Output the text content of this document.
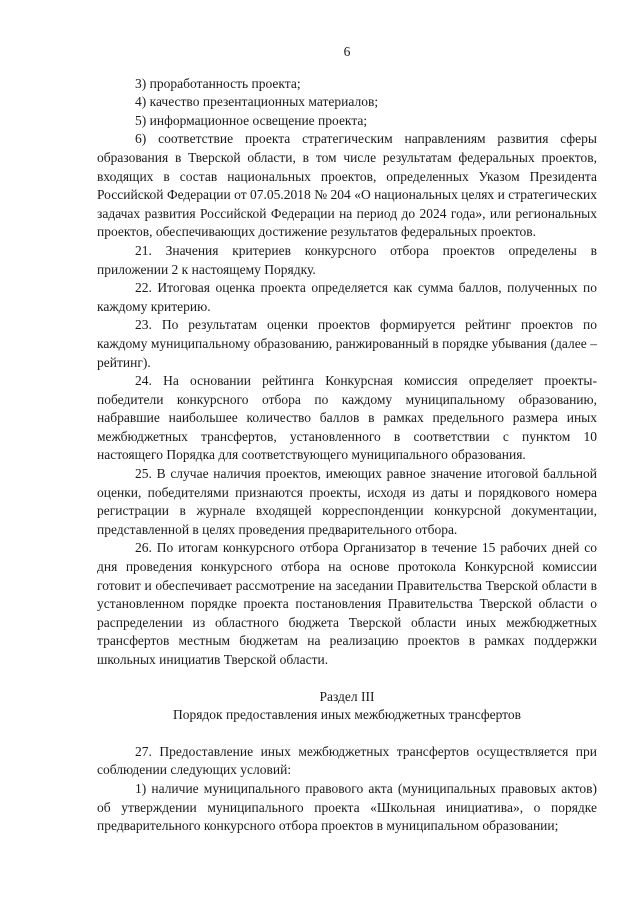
6

3) проработанность проекта;

4) качество презентационных материалов;

5) информационное освещение проекта;

6) соответствие проекта стратегическим направлениям развития сферы образования в Тверской области, в том числе результатам федеральных проектов, входящих в состав национальных проектов, определенных Указом Президента Российской Федерации от 07.05.2018 № 204 «О национальных целях и стратегических задачах развития Российской Федерации на период до 2024 года», или региональных проектов, обеспечивающих достижение результатов федеральных проектов.

21. Значения критериев конкурсного отбора проектов определены в приложении 2 к настоящему Порядку.

22. Итоговая оценка проекта определяется как сумма баллов, полученных по каждому критерию.

23. По результатам оценки проектов формируется рейтинг проектов по каждому муниципальному образованию, ранжированный в порядке убывания (далее – рейтинг).

24. На основании рейтинга Конкурсная комиссия определяет проекты-победители конкурсного отбора по каждому муниципальному образованию, набравшие наибольшее количество баллов в рамках предельного размера иных межбюджетных трансфертов, установленного в соответствии с пунктом 10 настоящего Порядка для соответствующего муниципального образования.

25. В случае наличия проектов, имеющих равное значение итоговой балльной оценки, победителями признаются проекты, исходя из даты и порядкового номера регистрации в журнале входящей корреспонденции конкурсной документации, представленной в целях проведения предварительного отбора.

26. По итогам конкурсного отбора Организатор в течение 15 рабочих дней со дня проведения конкурсного отбора на основе протокола Конкурсной комиссии готовит и обеспечивает рассмотрение на заседании Правительства Тверской области в установленном порядке проекта постановления Правительства Тверской области о распределении из областного бюджета Тверской области иных межбюджетных трансфертов местным бюджетам на реализацию проектов в рамках поддержки школьных инициатив Тверской области.

Раздел III

Порядок предоставления иных межбюджетных трансфертов

27. Предоставление иных межбюджетных трансфертов осуществляется при соблюдении следующих условий:

1) наличие муниципального правового акта (муниципальных правовых актов) об утверждении муниципального проекта «Школьная инициатива», о порядке предварительного конкурсного отбора проектов в муниципальном образовании;
